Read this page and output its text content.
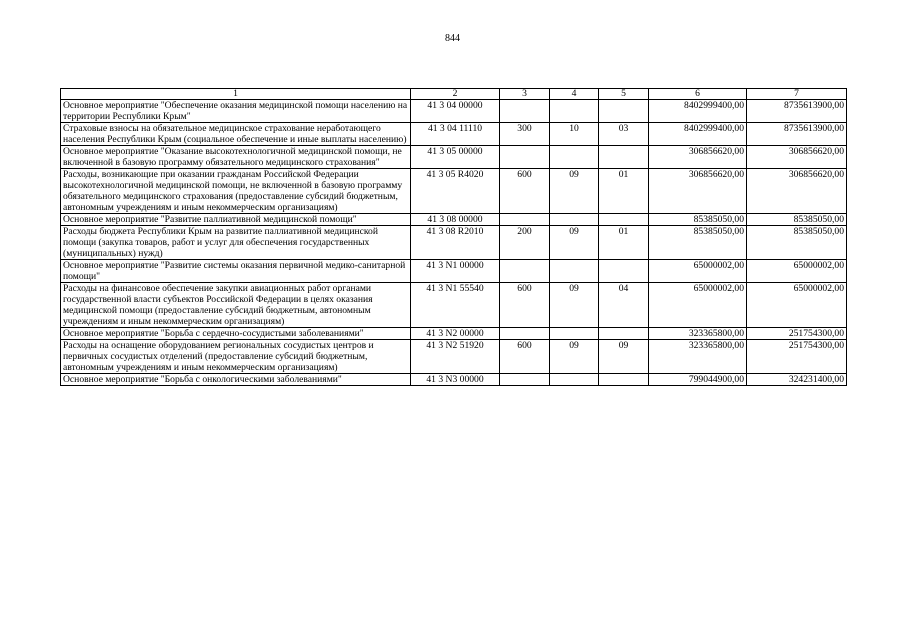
844
1	2	3	4	5	6	7
Основное мероприятие "Обеспечение оказания медицинской помощи населению на территории Республики Крым"	41 3 04 00000				8402999400,00	8735613900,00
Страховые взносы на обязательное медицинское страхование неработающего населения Республики Крым (социальное обеспечение и иные выплаты населению)	41 3 04 11110	300	10	03	8402999400,00	8735613900,00
Основное мероприятие "Оказание высокотехнологичной медицинской помощи, не включенной в базовую программу обязательного медицинского страхования"	41 3 05 00000				306856620,00	306856620,00
Расходы, возникающие при оказании гражданам Российской Федерации высокотехнологичной медицинской помощи, не включенной в базовую программу обязательного медицинского страхования (предоставление субсидий бюджетным, автономным учреждениям и иным некоммерческим организациям)	41 3 05 R4020	600	09	01	306856620,00	306856620,00
Основное мероприятие "Развитие паллиативной медицинской помощи"	41 3 08 00000				85385050,00	85385050,00
Расходы бюджета Республики Крым на развитие паллиативной медицинской помощи (закупка товаров, работ и услуг для обеспечения государственных (муниципальных) нужд)	41 3 08 R2010	200	09	01	85385050,00	85385050,00
Основное мероприятие "Развитие системы оказания первичной медико-санитарной помощи"	41 3 N1 00000				65000002,00	65000002,00
Расходы на финансовое обеспечение закупки авиационных работ органами государственной власти субъектов Российской Федерации в целях оказания медицинской помощи (предоставление субсидий бюджетным, автономным учреждениям и иным некоммерческим организациям)	41 3 N1 55540	600	09	04	65000002,00	65000002,00
Основное мероприятие "Борьба с сердечно-сосудистыми заболеваниями"	41 3 N2 00000				323365800,00	251754300,00
Расходы на оснащение оборудованием региональных сосудистых центров и первичных сосудистых отделений (предоставление субсидий бюджетным, автономным учреждениям и иным некоммерческим организациям)	41 3 N2 51920	600	09	09	323365800,00	251754300,00
Основное мероприятие "Борьба с онкологическими заболеваниями"	41 3 N3 00000				799044900,00	324231400,00
